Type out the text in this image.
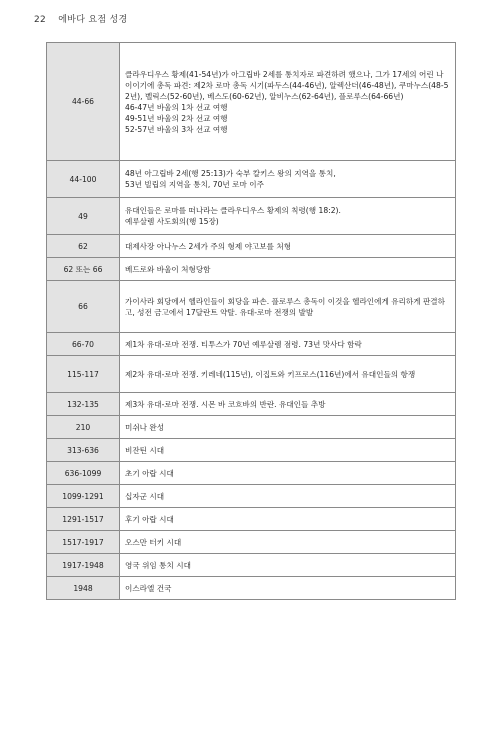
22 에바다 요점 성경
44-66	클라우디우스 황제(41-54년)가 아그립바 2세를 통치자로 파견하려 했으나, 그가 17세의 어린 나이이기에 총독 파견: 제2차 로마 총독 시기(파두스(44-46년), 알렉산더(46-48년), 쿠마누스(48-52년), 벨릭스(52-60년), 베스도(60-62년), 알비누스(62-64년), 플로루스(64-66년)
46-47년 바울의 1차 선교 여행
49-51년 바울의 2차 선교 여행
52-57년 바울의 3차 선교 여행

44-100	48년 아그립바 2세(행 25:13)가 숙부 칼키스 왕의 지역을 통치,
53년 빌립의 지역을 통치, 70년 로마 이주

49	유대인들은 로마를 떠나라는 클라우디우스 황제의 칙령(행 18:2).
예루살렘 사도회의(행 15장)

62	대제사장 아나누스 2세가 주의 형제 야고보를 처형

62 또는 66	베드로와 바울이 처형당함

66	가이사라 회당에서 헬라인들이 회당을 파손. 플로루스 총독이 이것을 헬라인에게 유리하게 판결하고, 성전 금고에서 17달란트 약탈. 유대-로마 전쟁의 발발

66-70	제1차 유대-로마 전쟁. 티투스가 70년 예루살렘 점령. 73년 맛사다 함락

115-117	제2차 유대-로마 전쟁. 키레네(115년), 이집트와 키프로스(116년)에서 유대인들의 항쟁

132-135	제3차 유대-로마 전쟁. 시몬 바 코흐바의 반란. 유대인들 추방

210	미쉬나 완성

313-636	비잔틴 시대

636-1099	초기 아랍 시대

1099-1291	십자군 시대

1291-1517	후기 아랍 시대

1517-1917	오스만 터키 시대

1917-1948	영국 위임 통치 시대

1948	이스라엘 건국
